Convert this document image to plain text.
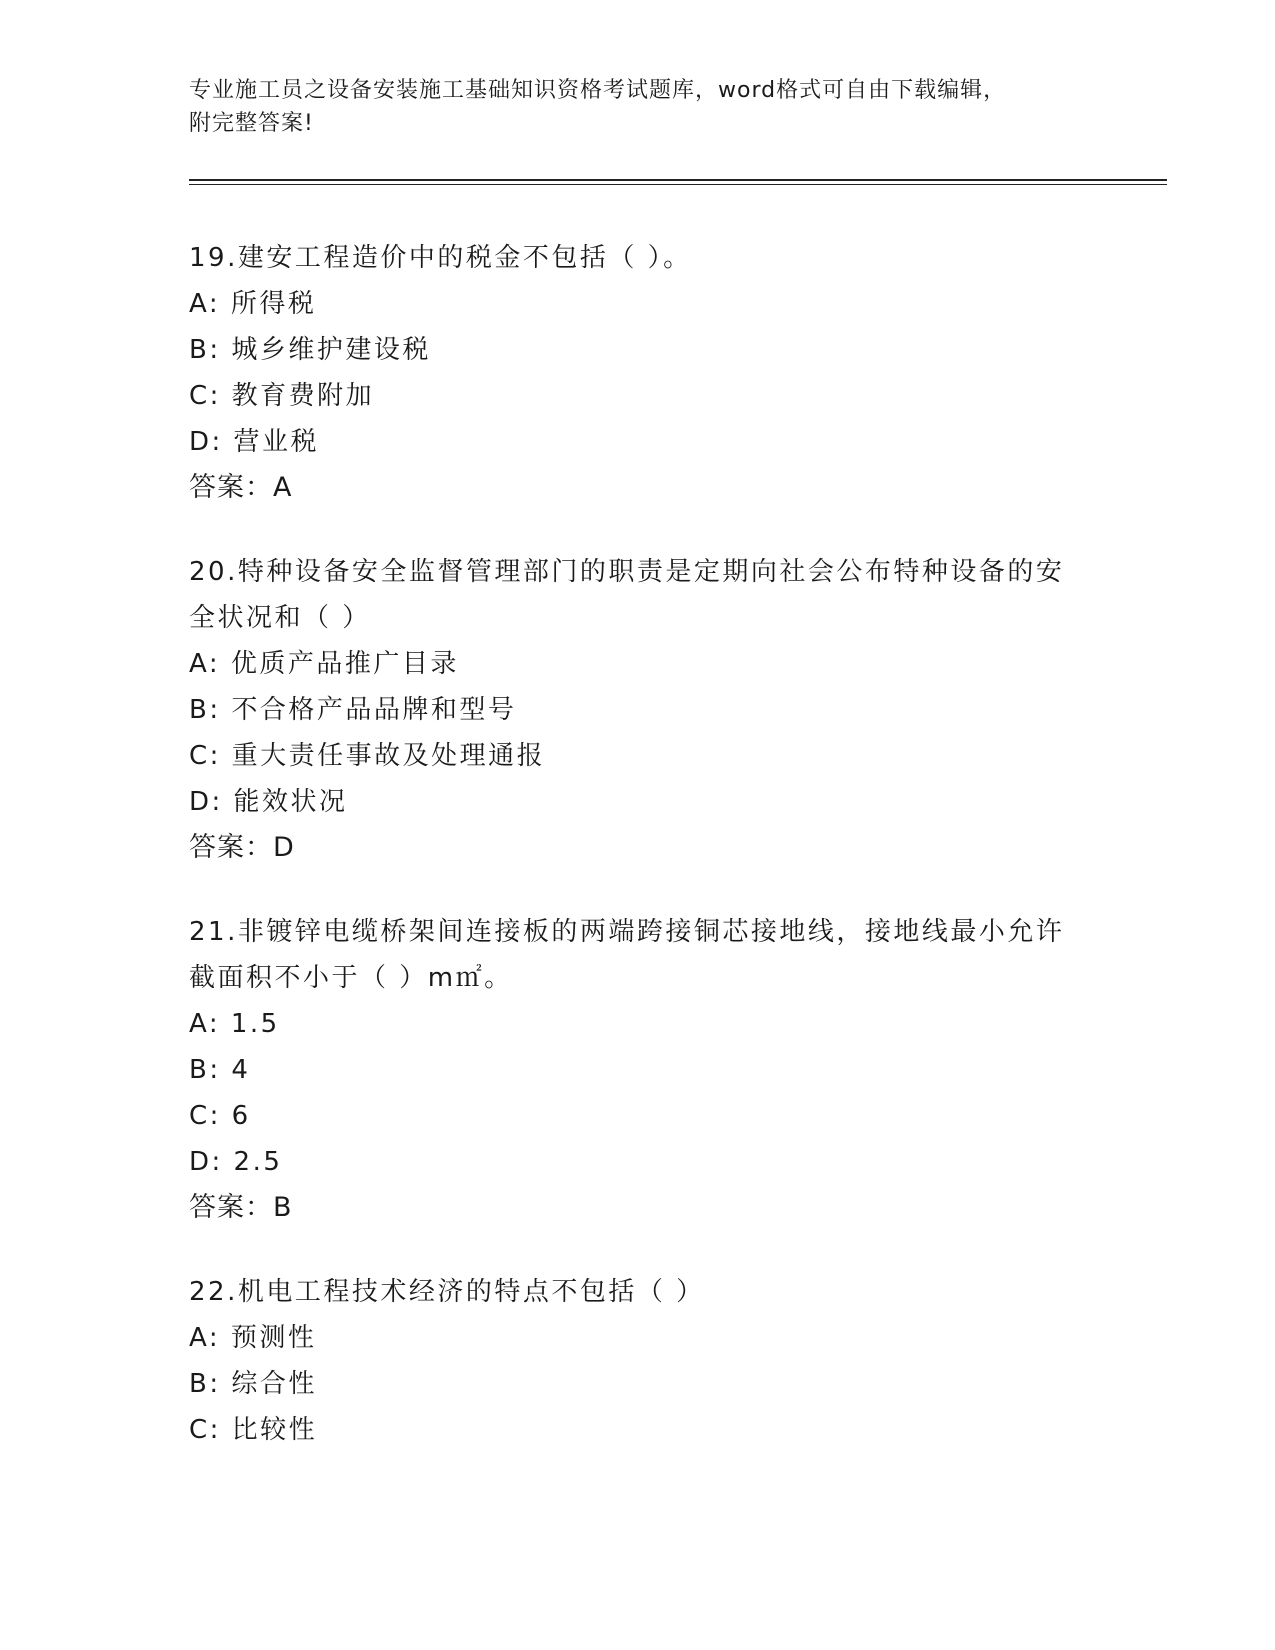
专业施工员之设备安装施工基础知识资格考试题库，word格式可自由下载编辑，
附完整答案!
19.建安工程造价中的税金不包括（ ）。
A: 所得税
B: 城乡维护建设税
C: 教育费附加
D: 营业税
答案：A
20.特种设备安全监督管理部门的职责是定期向社会公布特种设备的安全状况和（ ）
A: 优质产品推广目录
B: 不合格产品品牌和型号
C: 重大责任事故及处理通报
D: 能效状况
答案：D
21.非镀锌电缆桥架间连接板的两端跨接铜芯接地线，接地线最小允许截面积不小于（ ）m㎡。
A: 1.5
B: 4
C: 6
D: 2.5
答案：B
22.机电工程技术经济的特点不包括（ ）
A: 预测性
B: 综合性
C: 比较性
